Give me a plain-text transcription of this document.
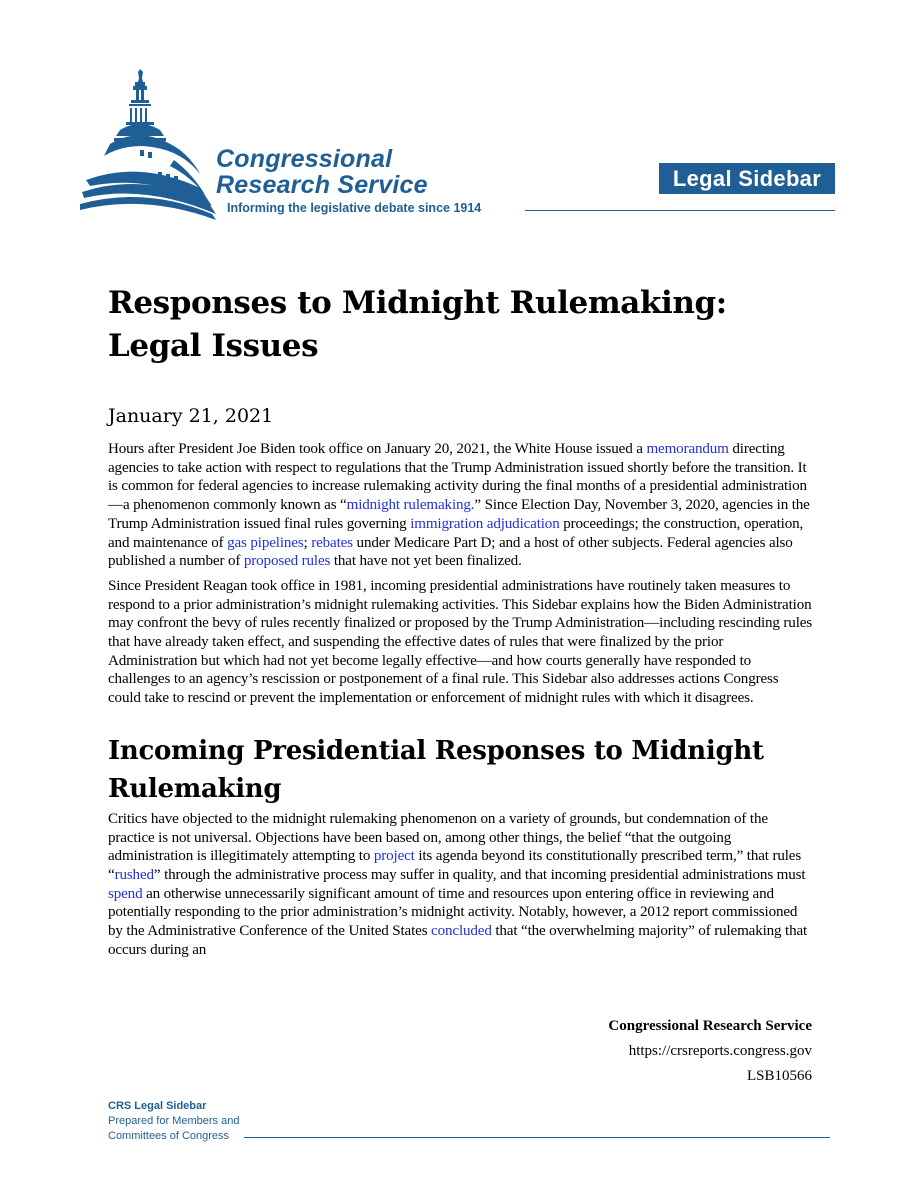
Congressional
Research Service
Informing the legislative debate since 1914
Legal Sidebar
Responses to Midnight Rulemaking:
Legal Issues
January 21, 2021

Hours after President Joe Biden took office on January 20, 2021, the White House issued a memorandum directing agencies to take action with respect to regulations that the Trump Administration issued shortly before the transition. It is common for federal agencies to increase rulemaking activity during the final months of a presidential administration—a phenomenon commonly known as “midnight rulemaking.” Since Election Day, November 3, 2020, agencies in the Trump Administration issued final rules governing immigration adjudication proceedings; the construction, operation, and maintenance of gas pipelines; rebates under Medicare Part D; and a host of other subjects. Federal agencies also published a number of proposed rules that have not yet been finalized.

Since President Reagan took office in 1981, incoming presidential administrations have routinely taken measures to respond to a prior administration’s midnight rulemaking activities. This Sidebar explains how the Biden Administration may confront the bevy of rules recently finalized or proposed by the Trump Administration—including rescinding rules that have already taken effect, and suspending the effective dates of rules that were finalized by the prior Administration but which had not yet become legally effective—and how courts generally have responded to challenges to an agency’s rescission or postponement of a final rule. This Sidebar also addresses actions Congress could take to rescind or prevent the implementation or enforcement of midnight rules with which it disagrees.

Incoming Presidential Responses to Midnight
Rulemaking

Critics have objected to the midnight rulemaking phenomenon on a variety of grounds, but condemnation of the practice is not universal. Objections have been based on, among other things, the belief “that the outgoing administration is illegitimately attempting to project its agenda beyond its constitutionally prescribed term,” that rules “rushed” through the administrative process may suffer in quality, and that incoming presidential administrations must spend an otherwise unnecessarily significant amount of time and resources upon entering office in reviewing and potentially responding to the prior administration’s midnight activity. Notably, however, a 2012 report commissioned by the Administrative Conference of the United States concluded that “the overwhelming majority” of rulemaking that occurs during an

Congressional Research Service
https://crsreports.congress.gov
LSB10566
CRS Legal Sidebar
Prepared for Members and
Committees of Congress
